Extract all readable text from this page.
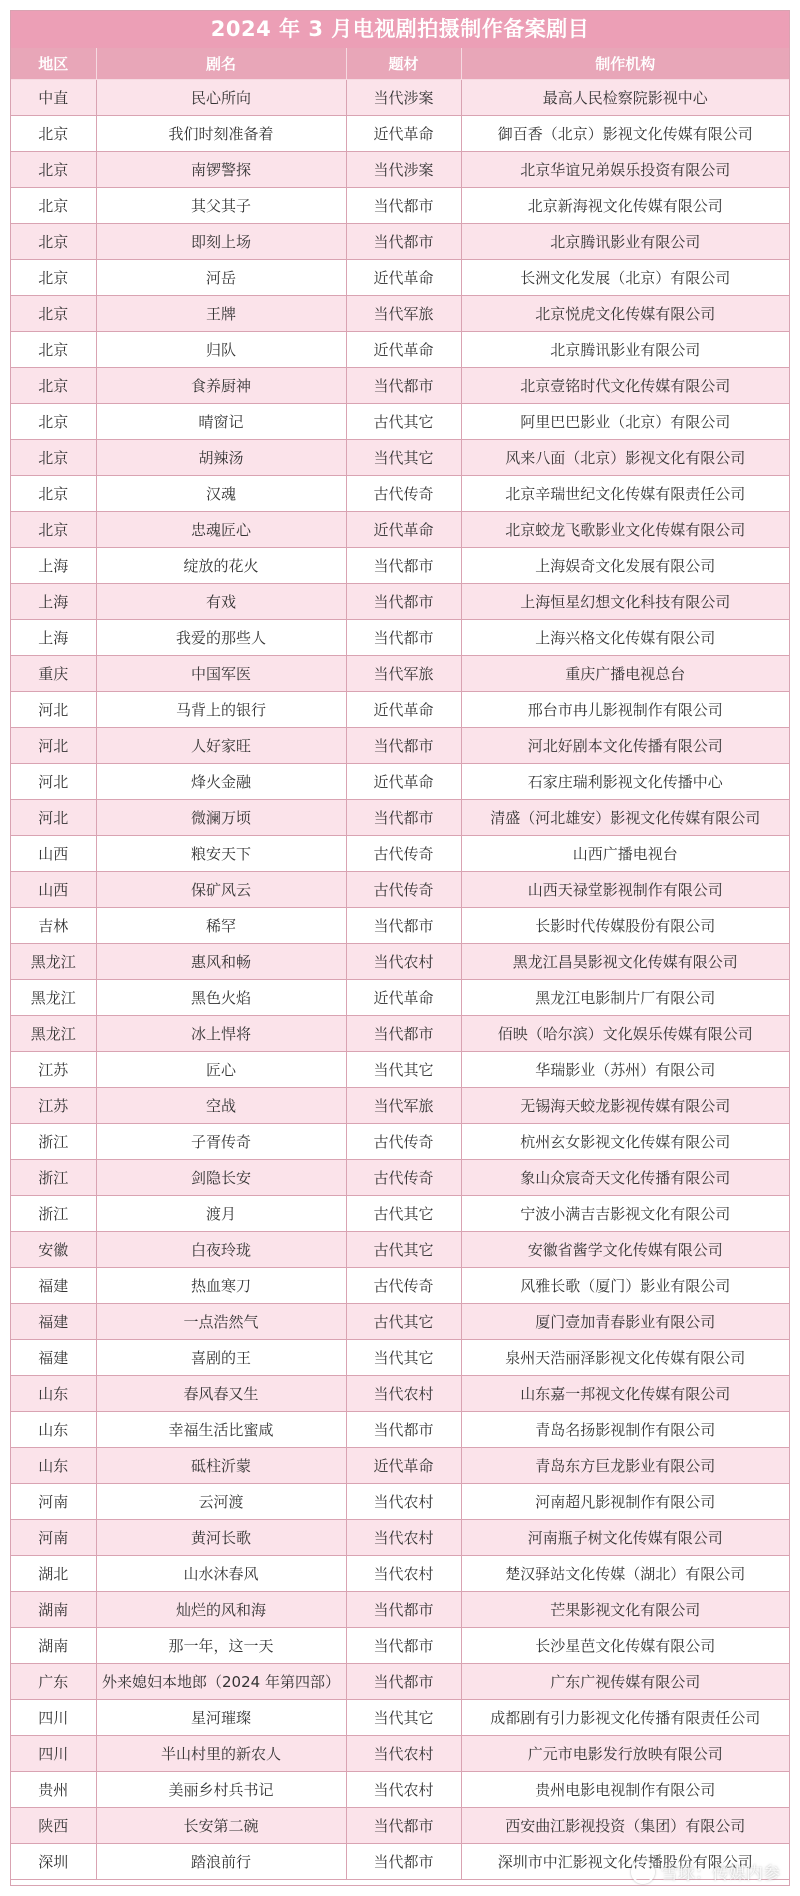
2024 年 3 月电视剧拍摄制作备案剧目
地区	剧名	题材	制作机构
中直	民心所向	当代涉案	最高人民检察院影视中心
北京	我们时刻准备着	近代革命	御百香（北京）影视文化传媒有限公司
北京	南锣警探	当代涉案	北京华谊兄弟娱乐投资有限公司
北京	其父其子	当代都市	北京新海视文化传媒有限公司
北京	即刻上场	当代都市	北京腾讯影业有限公司
北京	河岳	近代革命	长洲文化发展（北京）有限公司
北京	王牌	当代军旅	北京悦虎文化传媒有限公司
北京	归队	近代革命	北京腾讯影业有限公司
北京	食养厨神	当代都市	北京壹铭时代文化传媒有限公司
北京	晴窗记	古代其它	阿里巴巴影业（北京）有限公司
北京	胡辣汤	当代其它	风来八面（北京）影视文化有限公司
北京	汉魂	古代传奇	北京辛瑞世纪文化传媒有限责任公司
北京	忠魂匠心	近代革命	北京蛟龙飞歌影业文化传媒有限公司
上海	绽放的花火	当代都市	上海娱奇文化发展有限公司
上海	有戏	当代都市	上海恒星幻想文化科技有限公司
上海	我爱的那些人	当代都市	上海兴格文化传媒有限公司
重庆	中国军医	当代军旅	重庆广播电视总台
河北	马背上的银行	近代革命	邢台市冉儿影视制作有限公司
河北	人好家旺	当代都市	河北好剧本文化传播有限公司
河北	烽火金融	近代革命	石家庄瑞利影视文化传播中心
河北	微澜万顷	当代都市	清盛（河北雄安）影视文化传媒有限公司
山西	粮安天下	古代传奇	山西广播电视台
山西	保矿风云	古代传奇	山西天禄堂影视制作有限公司
吉林	稀罕	当代都市	长影时代传媒股份有限公司
黑龙江	惠风和畅	当代农村	黑龙江昌昊影视文化传媒有限公司
黑龙江	黑色火焰	近代革命	黑龙江电影制片厂有限公司
黑龙江	冰上悍将	当代都市	佰映（哈尔滨）文化娱乐传媒有限公司
江苏	匠心	当代其它	华瑞影业（苏州）有限公司
江苏	空战	当代军旅	无锡海天蛟龙影视传媒有限公司
浙江	子胥传奇	古代传奇	杭州玄女影视文化传媒有限公司
浙江	剑隐长安	古代传奇	象山众宸奇天文化传播有限公司
浙江	渡月	古代其它	宁波小满吉吉影视文化有限公司
安徽	白夜玲珑	古代其它	安徽省酱学文化传媒有限公司
福建	热血寒刀	古代传奇	风雅长歌（厦门）影业有限公司
福建	一点浩然气	古代其它	厦门壹加青春影业有限公司
福建	喜剧的王	当代其它	泉州天浩丽泽影视文化传媒有限公司
山东	春风春又生	当代农村	山东嘉一邦视文化传媒有限公司
山东	幸福生活比蜜咸	当代都市	青岛名扬影视制作有限公司
山东	砥柱沂蒙	近代革命	青岛东方巨龙影业有限公司
河南	云河渡	当代农村	河南超凡影视制作有限公司
河南	黄河长歌	当代农村	河南瓶子树文化传媒有限公司
湖北	山水沐春风	当代农村	楚汉驿站文化传媒（湖北）有限公司
湖南	灿烂的风和海	当代都市	芒果影视文化有限公司
湖南	那一年，这一天	当代都市	长沙星芭文化传媒有限公司
广东	外来媳妇本地郎（2024 年第四部）	当代都市	广东广视传媒有限公司
四川	星河璀璨	当代其它	成都剧有引力影视文化传播有限责任公司
四川	半山村里的新农人	当代农村	广元市电影发行放映有限公司
贵州	美丽乡村兵书记	当代农村	贵州电影电视制作有限公司
陕西	长安第二碗	当代都市	西安曲江影视投资（集团）有限公司
深圳	踏浪前行	当代都市	深圳市中汇影视文化传播股份有限公司
雪球：传媒内参
